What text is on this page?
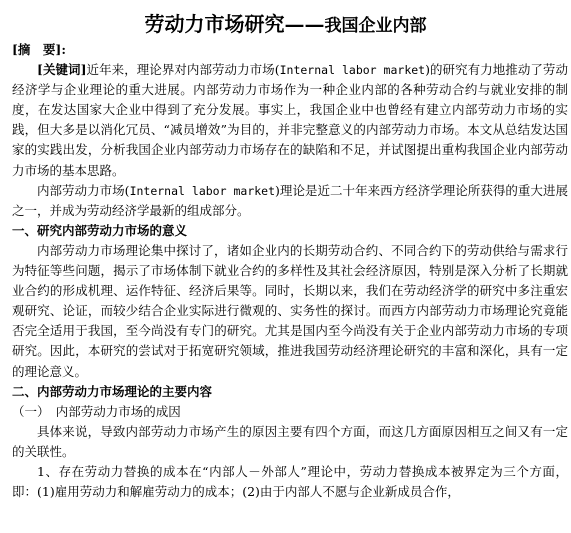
劳动力市场研究——我国企业内部

[摘　要]:

[关键词]近年来，理论界对内部劳动力市场(Internal labor market)的研究有力地推动了劳动经济学与企业理论的重大进展。内部劳动力市场作为一种企业内部的各种劳动合约与就业安排的制度，在发达国家大企业中得到了充分发展。事实上，我国企业中也曾经有建立内部劳动力市场的实践，但大多是以消化冗员、“减员增效”为目的，并非完整意义的内部劳动力市场。本文从总结发达国家的实践出发，分析我国企业内部劳动力市场存在的缺陷和不足，并试图提出重构我国企业内部劳动力市场的基本思路。

内部劳动力市场(Internal labor market)理论是近二十年来西方经济学理论所获得的重大进展之一，并成为劳动经济学最新的组成部分。

一、研究内部劳动力市场的意义

内部劳动力市场理论集中探讨了，诸如企业内的长期劳动合约、不同合约下的劳动供给与需求行为特征等些问题，揭示了市场体制下就业合约的多样性及其社会经济原因，特别是深入分析了长期就业合约的形成机理、运作特征、经济后果等。同时，长期以来，我们在劳动经济学的研究中多注重宏观研究、论证，而较少结合企业实际进行微观的、实务性的探讨。而西方内部劳动力市场理论究竟能否完全适用于我国，至今尚没有专门的研究。尤其是国内至今尚没有关于企业内部劳动力市场的专项研究。因此，本研究的尝试对于拓宽研究领域，推进我国劳动经济理论研究的丰富和深化，具有一定的理论意义。

二、内部劳动力市场理论的主要内容

（一）　内部劳动力市场的成因

具体来说，导致内部劳动力市场产生的原因主要有四个方面，而这几方面原因相互之间又有一定的关联性。

1、存在劳动力替换的成本在“内部人－外部人”理论中，劳动力替换成本被界定为三个方面，即：(1)雇用劳动力和解雇劳动力的成本；(2)由于内部人不愿与企业新成员合作，
